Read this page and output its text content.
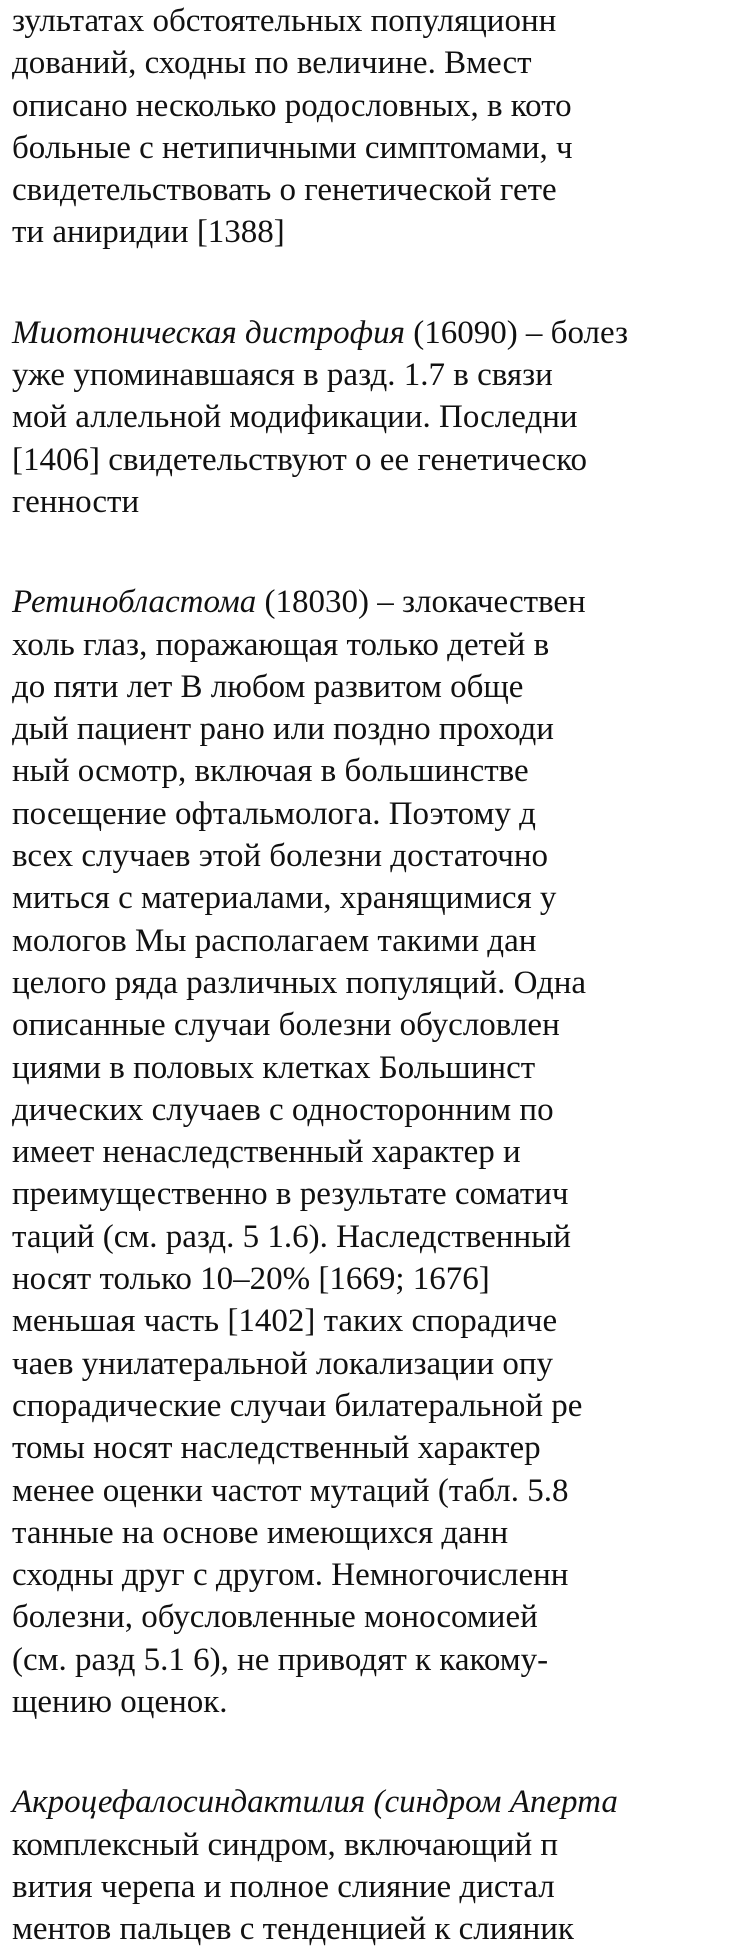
зультатах обстоятельных популяционн
дований, сходны по величине. Вмест
описано несколько родословных, в кото
больные с нетипичными симптомами, ч
свидетельствовать о генетической гете
ти аниридии [1388]
Миотоническая дистрофия (16090) – болез
уже упоминавшаяся в разд. 1.7 в связи
мой аллельной модификации. Последни
[1406] свидетельствуют о ее генетическо
генности
Ретинобластома (18030) – злокачествен
холь глаз, поражающая только детей в
до пяти лет В любом развитом обще
дый пациент рано или поздно проходи
ный осмотр, включая в большинстве
посещение офтальмолога. Поэтому д
всех случаев этой болезни достаточно
миться с материалами, хранящимися у
мологов Мы располагаем такими дан
целого ряда различных популяций. Одна
описанные случаи болезни обусловлен
циями в половых клетках Большинст
дических случаев с односторонним по
имеет ненаследственный характер и
преимущественно в результате соматич
таций (см. разд. 5 1.6). Наследственный
носят только 10–20% [1669; 1676]
меньшая часть [1402] таких спорадиче
чаев унилатеральной локализации опу
спорадические случаи билатеральной ре
томы носят наследственный характер
менее оценки частот мутаций (табл. 5.8
танные на основе имеющихся данн
сходны друг с другом. Немногочисленн
болезни, обусловленные моносомией
(см. разд 5.1 6), не приводят к какому-
щению оценок.
Акроцефалосиндактилия (синдром Аперта
комплексный синдром, включающий п
вития черепа и полное слияние дистал
ментов пальцев с тенденцией к слияник
